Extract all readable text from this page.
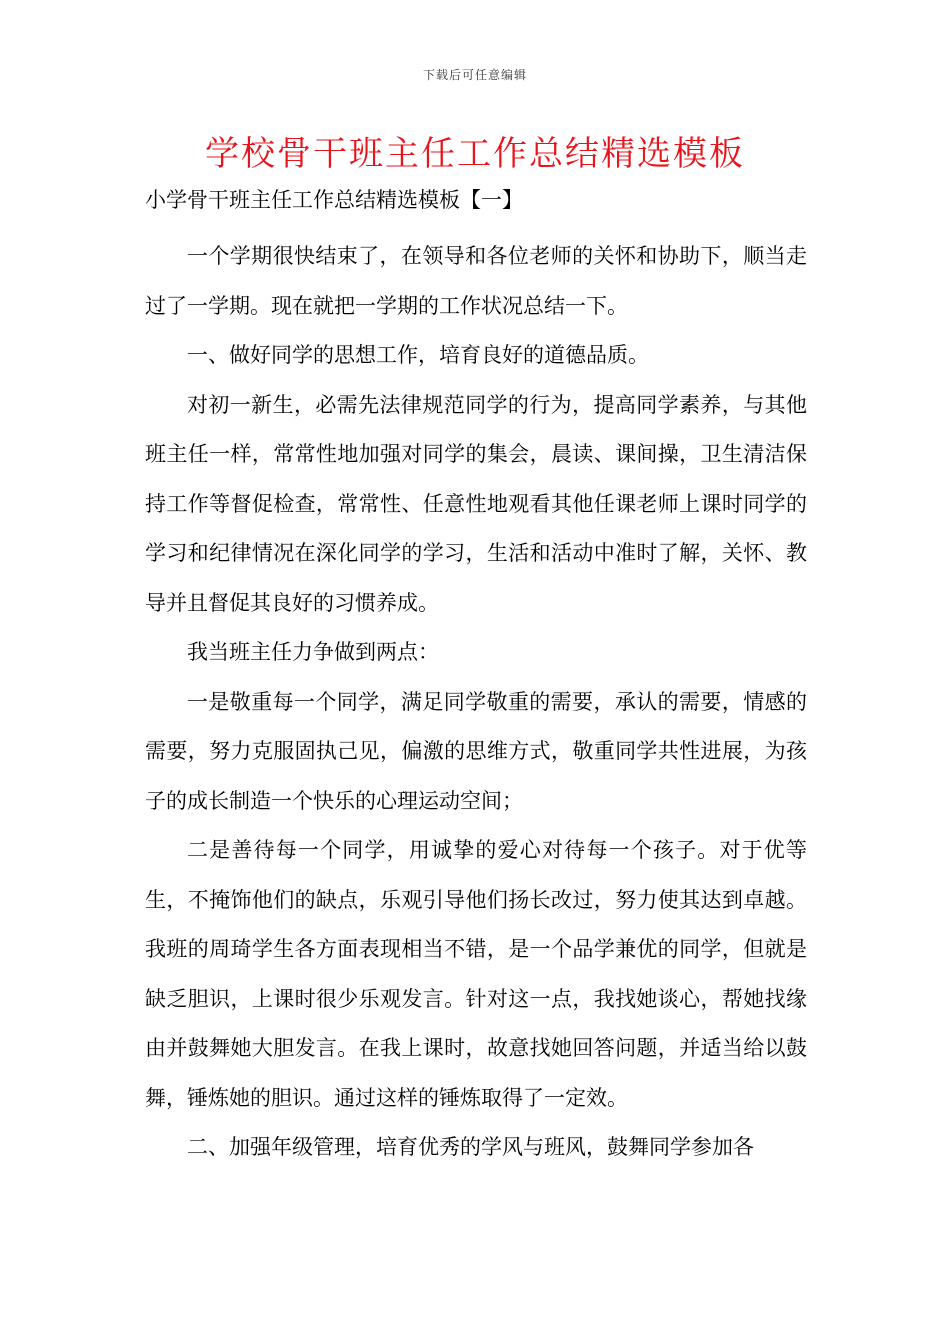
下载后可任意编辑
学校骨干班主任工作总结精选模板

小学骨干班主任工作总结精选模板【一】

一个学期很快结束了，在领导和各位老师的关怀和协助下，顺当走过了一学期。现在就把一学期的工作状况总结一下。

一、做好同学的思想工作，培育良好的道德品质。

对初一新生，必需先法律规范同学的行为，提高同学素养，与其他班主任一样，常常性地加强对同学的集会，晨读、课间操，卫生清洁保持工作等督促检查，常常性、任意性地观看其他任课老师上课时同学的学习和纪律情况在深化同学的学习，生活和活动中准时了解，关怀、教导并且督促其良好的习惯养成。

我当班主任力争做到两点：

一是敬重每一个同学，满足同学敬重的需要，承认的需要，情感的需要，努力克服固执己见，偏激的思维方式，敬重同学共性进展，为孩子的成长制造一个快乐的心理运动空间；

二是善待每一个同学，用诚挚的爱心对待每一个孩子。对于优等生，不掩饰他们的缺点，乐观引导他们扬长改过，努力使其达到卓越。我班的周琦学生各方面表现相当不错，是一个品学兼优的同学，但就是缺乏胆识，上课时很少乐观发言。针对这一点，我找她谈心，帮她找缘由并鼓舞她大胆发言。在我上课时，故意找她回答问题，并适当给以鼓舞，锤炼她的胆识。通过这样的锤炼取得了一定效。

二、加强年级管理，培育优秀的学风与班风，鼓舞同学参加各
